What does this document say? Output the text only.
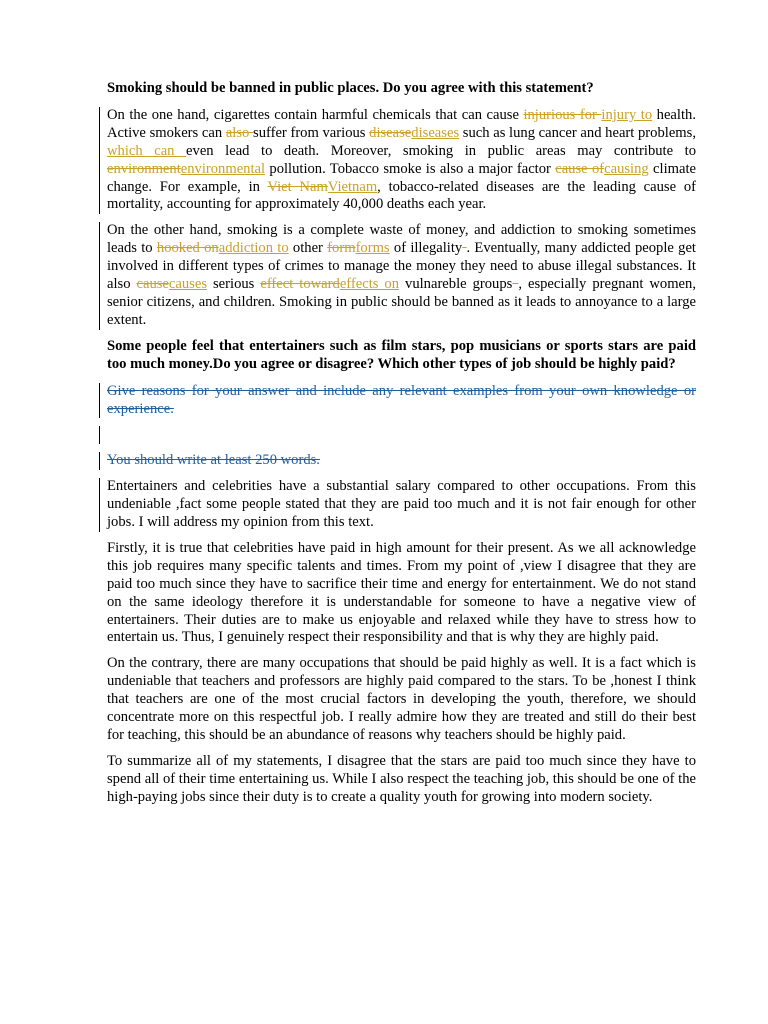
Smoking should be banned in public places. Do you agree with this statement?

On the one hand, cigarettes contain harmful chemicals that can cause injurious for injury to health. Active smokers can also suffer from various diseasediseases such as lung cancer and heart problems, which can even lead to death. Moreover, smoking in public areas may contribute to environmentenvironmental pollution. Tobacco smoke is also a major factor cause ofcausing climate change. For example, in Viet NamVietnam, tobacco-related diseases are the leading cause of mortality, accounting for approximately 40,000 deaths each year.

On the other hand, smoking is a complete waste of money, and addiction to smoking sometimes leads to hooked onaddiction to other formforms of illegality . Eventually, many addicted people get involved in different types of crimes to manage the money they need to abuse illegal substances. It also causecauses serious effect towardeffects on vulnareble groups , especially pregnant women, senior citizens, and children. Smoking in public should be banned as it leads to annoyance to a large extent.

Some people feel that entertainers such as film stars, pop musicians or sports stars are paid too much money.Do you agree or disagree? Which other types of job should be highly paid?

Give reasons for your answer and include any relevant examples from your own knowledge or experience.

You should write at least 250 words.

Entertainers and celebrities have a substantial salary compared to other occupations. From this undeniable ,fact some people stated that they are paid too much and it is not fair enough for other jobs. I will address my opinion from this text.

Firstly, it is true that celebrities have paid in high amount for their present. As we all acknowledge this job requires many specific talents and times. From my point of ,view I disagree that they are paid too much since they have to sacrifice their time and energy for entertainment. We do not stand on the same ideology therefore it is understandable for someone to have a negative view of entertainers. Their duties are to make us enjoyable and relaxed while they have to stress how to entertain us. Thus, I genuinely respect their responsibility and that is why they are highly paid.

On the contrary, there are many occupations that should be paid highly as well. It is a fact which is undeniable that teachers and professors are highly paid compared to the stars. To be ,honest I think that teachers are one of the most crucial factors in developing the youth, therefore, we should concentrate more on this respectful job. I really admire how they are treated and still do their best for teaching, this should be an abundance of reasons why teachers should be highly paid.

To summarize all of my statements, I disagree that the stars are paid too much since they have to spend all of their time entertaining us. While I also respect the teaching job, this should be one of the high-paying jobs since their duty is to create a quality youth for growing into modern society.
